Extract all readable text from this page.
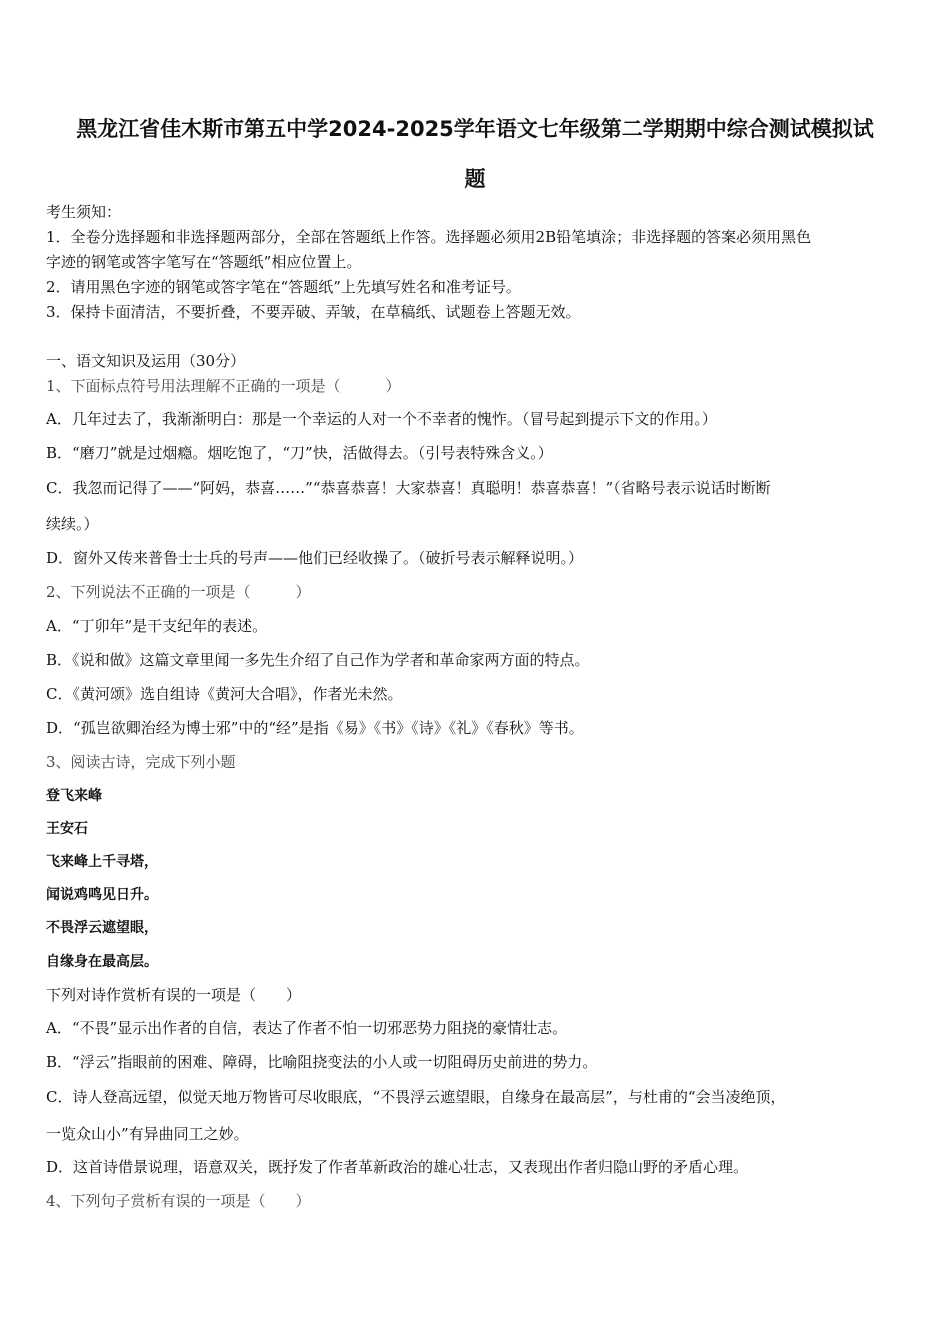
黑龙江省佳木斯市第五中学2024-2025学年语文七年级第二学期期中综合测试模拟试
题
考生须知：
1．全卷分选择题和非选择题两部分，全部在答题纸上作答。选择题必须用2B铅笔填涂；非选择题的答案必须用黑色
字迹的钢笔或答字笔写在“答题纸”相应位置上。
2．请用黑色字迹的钢笔或答字笔在“答题纸”上先填写姓名和准考证号。
3．保持卡面清洁，不要折叠，不要弄破、弄皱，在草稿纸、试题卷上答题无效。
一、语文知识及运用（30分）
1、下面标点符号用法理解不正确的一项是（　　　）
A．几年过去了，我渐渐明白：那是一个幸运的人对一个不幸者的愧怍。（冒号起到提示下文的作用。）
B．“磨刀”就是过烟瘾。烟吃饱了，“刀”快，活做得去。（引号表特殊含义。）
C．我忽而记得了——“阿妈，恭喜……”“恭喜恭喜！大家恭喜！真聪明！恭喜恭喜！”（省略号表示说话时断断
续续。）
D．窗外又传来普鲁士士兵的号声——他们已经收操了。（破折号表示解释说明。）
2、下列说法不正确的一项是（　　　）
A．“丁卯年”是干支纪年的表述。
B．《说和做》这篇文章里闻一多先生介绍了自己作为学者和革命家两方面的特点。
C．《黄河颂》选自组诗《黄河大合唱》，作者光未然。
D．“孤岂欲卿治经为博士邪”中的“经”是指《易》《书》《诗》《礼》《春秋》等书。
3、阅读古诗，完成下列小题
登飞来峰
王安石
飞来峰上千寻塔，
闻说鸡鸣见日升。
不畏浮云遮望眼，
自缘身在最高层。
下列对诗作赏析有误的一项是（　　）
A．“不畏”显示出作者的自信，表达了作者不怕一切邪恶势力阻挠的豪情壮志。
B．“浮云”指眼前的困难、障碍，比喻阻挠变法的小人或一切阻碍历史前进的势力。
C．诗人登高远望，似觉天地万物皆可尽收眼底，“不畏浮云遮望眼，自缘身在最高层”，与杜甫的“会当凌绝顶，
一览众山小”有异曲同工之妙。
D．这首诗借景说理，语意双关，既抒发了作者革新政治的雄心壮志，又表现出作者归隐山野的矛盾心理。
4、下列句子赏析有误的一项是（　　）
